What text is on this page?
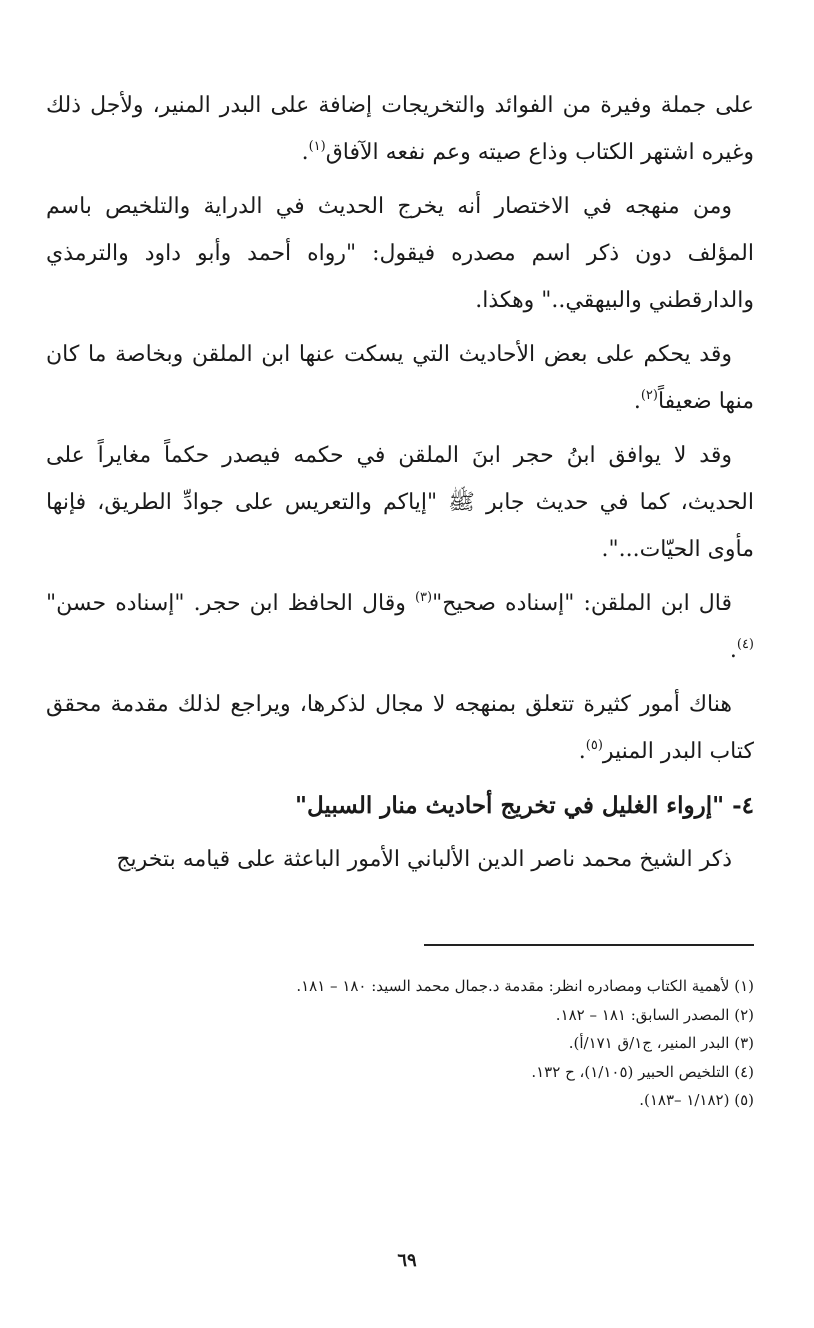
على جملة وفيرة من الفوائد والتخريجات إضافة على البدر المنير، ولأجل ذلك وغيره اشتهر الكتاب وذاع صيته وعم نفعه الآفاق$^{(١)}$.

ومن منهجه في الاختصار أنه يخرج الحديث في الدراية والتلخيص باسم المؤلف دون ذكر اسم مصدره فيقول: "رواه أحمد وأبو داود والترمذي والدارقطني والبيهقي.." وهكذا.

وقد يحكم على بعض الأحاديث التي يسكت عنها ابن الملقن وبخاصة ما كان منها ضعيفاً$^{(٢)}$.

وقد لا يوافق ابنُ حجر ابنَ الملقن في حكمه فيصدر حكماً مغايراً على الحديث، كما في حديث جابر ﷺ "إياكم والتعريس على جوادِّ الطريق، فإنها مأوى الحيّات...".

قال ابن الملقن: "إسناده صحيح"$^{(٣)}$ وقال الحافظ ابن حجر. "إسناده حسن"$^{(٤)}$.

هناك أمور كثيرة تتعلق بمنهجه لا مجال لذكرها، ويراجع لذلك مقدمة محقق كتاب البدر المنير$^{(٥)}$.

٤- "إرواء الغليل في تخريج أحاديث منار السبيل"

ذكر الشيخ محمد ناصر الدين الألباني الأمور الباعثة على قيامه بتخريج

(١) لأهمية الكتاب ومصادره انظر: مقدمة د.جمال محمد السيد: ١٨٠ – ١٨١.

(٢) المصدر السابق: ١٨١ – ١٨٢.

(٣) البدر المنير، ج١/ق ١٧١/أ).

(٤) التلخيص الحبير (١/١٠٥)، ح ١٣٢.

(٥) (١/١٨٢ –١٨٣).

٦٩
